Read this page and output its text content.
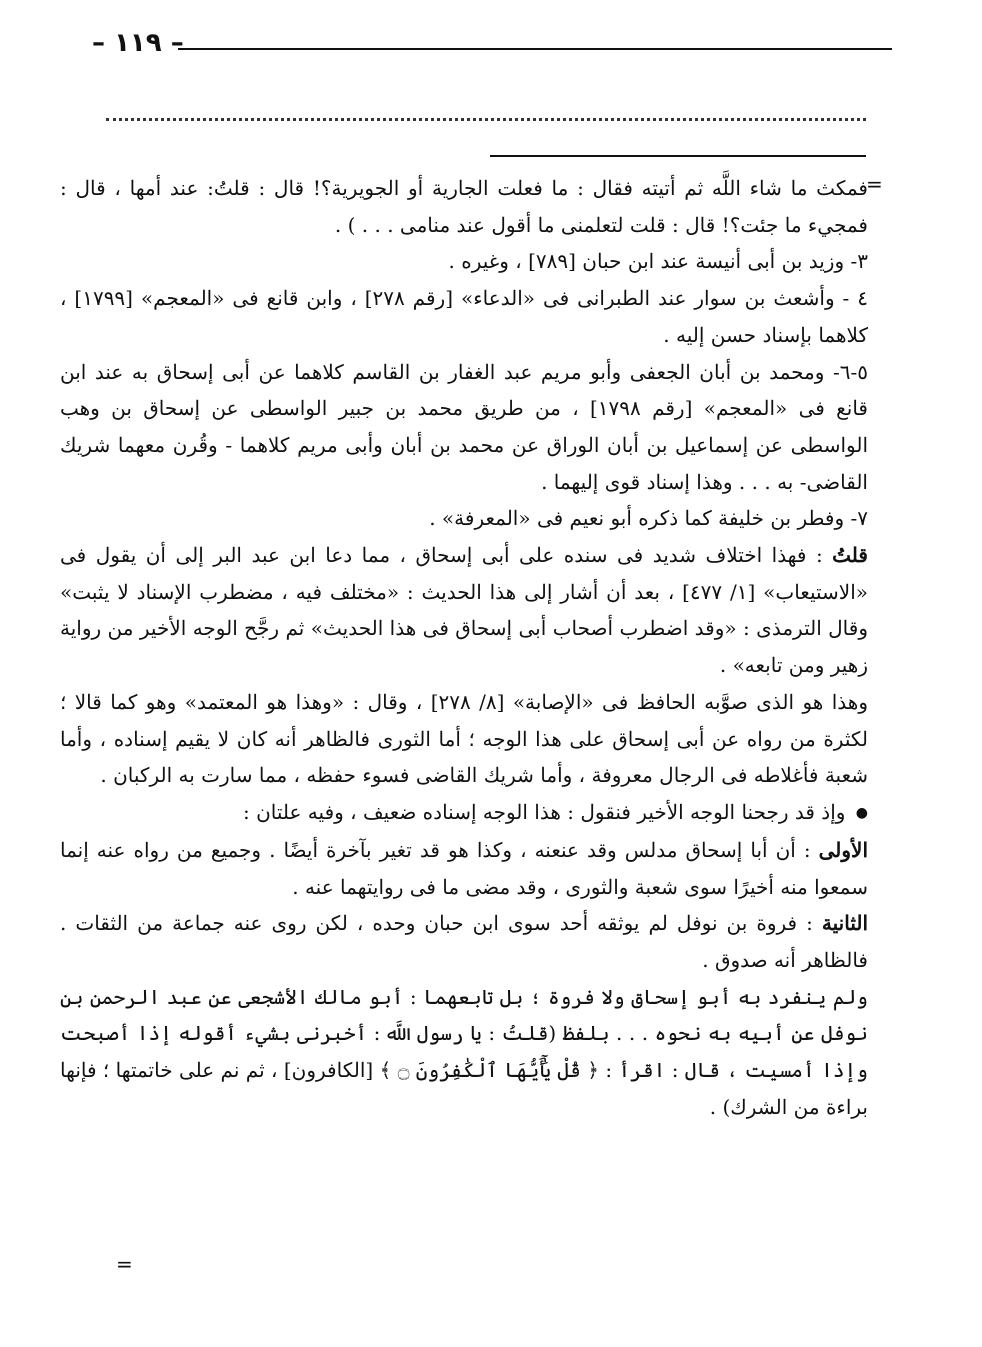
– ١١٩ –
=

فمكث ما شاء اللَّه ثم أتيته فقال : ما فعلت الجارية أو الجويرية؟! قال : قلتُ: عند أمها ، قال : فمجيء ما جئت؟! قال : قلت لتعلمنى ما أقول عند منامى . . . ) .

٣- وزيد بن أبى أنيسة عند ابن حبان [٧٨٩] ، وغيره .

٤ - وأشعث بن سوار عند الطبرانى فى «الدعاء» [رقم ٢٧٨] ، وابن قانع فى «المعجم» [١٧٩٩] ، كلاهما بإسناد حسن إليه .

٥-٦- ومحمد بن أبان الجعفى وأبو مريم عبد الغفار بن القاسم كلاهما عن أبى إسحاق به عند ابن قانع فى «المعجم» [رقم ١٧٩٨] ، من طريق محمد بن جبير الواسطى عن إسحاق بن وهب الواسطى عن إسماعيل بن أبان الوراق عن محمد بن أبان وأبى مريم كلاهما - وقُرن معهما شريك القاضى- به . . . وهذا إسناد قوى إليهما .

٧- وفطر بن خليفة كما ذكره أبو نعيم فى «المعرفة» .

قلتُ : فهذا اختلاف شديد فى سنده على أبى إسحاق ، مما دعا ابن عبد البر إلى أن يقول فى «الاستيعاب» [١/ ٤٧٧] ، بعد أن أشار إلى هذا الحديث : «مختلف فيه ، مضطرب الإسناد لا يثبت» وقال الترمذى : «وقد اضطرب أصحاب أبى إسحاق فى هذا الحديث» ثم رجَّح الوجه الأخير من رواية زهير ومن تابعه» .

وهذا هو الذى صوَّبه الحافظ فى «الإصابة» [٨/ ٢٧٨] ، وقال : «وهذا هو المعتمد» وهو كما قالا ؛ لكثرة من رواه عن أبى إسحاق على هذا الوجه ؛ أما الثورى فالظاهر أنه كان لا يقيم إسناده ، وأما شعبة فأغلاطه فى الرجال معروفة ، وأما شريك القاضى فسوء حفظه ، مما سارت به الركبان .

● وإذ قد رجحنا الوجه الأخير فنقول : هذا الوجه إسناده ضعيف ، وفيه علتان :

الأولى : أن أبا إسحاق مدلس وقد عنعنه ، وكذا هو قد تغير بآخرة أيضًا . وجميع من رواه عنه إنما سمعوا منه أخيرًا سوى شعبة والثورى ، وقد مضى ما فى روايتهما عنه .

الثانية : فروة بن نوفل لم يوثقه أحد سوى ابن حبان وحده ، لكن روى عنه جماعة من الثقات . فالظاهر أنه صدوق .

ولم ينفرد به أبو إسحاق ولا فروة ؛ بل تابعهما : أبو مالك الأشجعى عن عبد الرحمن بن نوفل عن أبيه به نحوه . . . بلفظ (قلتُ : يا رسول اللَّه : أخبرنى بشيء أقوله إذا أصبحت وإذا أمسيت ، قال : اقرأ : ﴿ قُلْ يَٰٓأَيُّهَا ٱلْكَٰفِرُونَ ۝ ﴾ [الكافرون] ، ثم نم على خاتمتها ؛ فإنها براءة من الشرك) .

=
